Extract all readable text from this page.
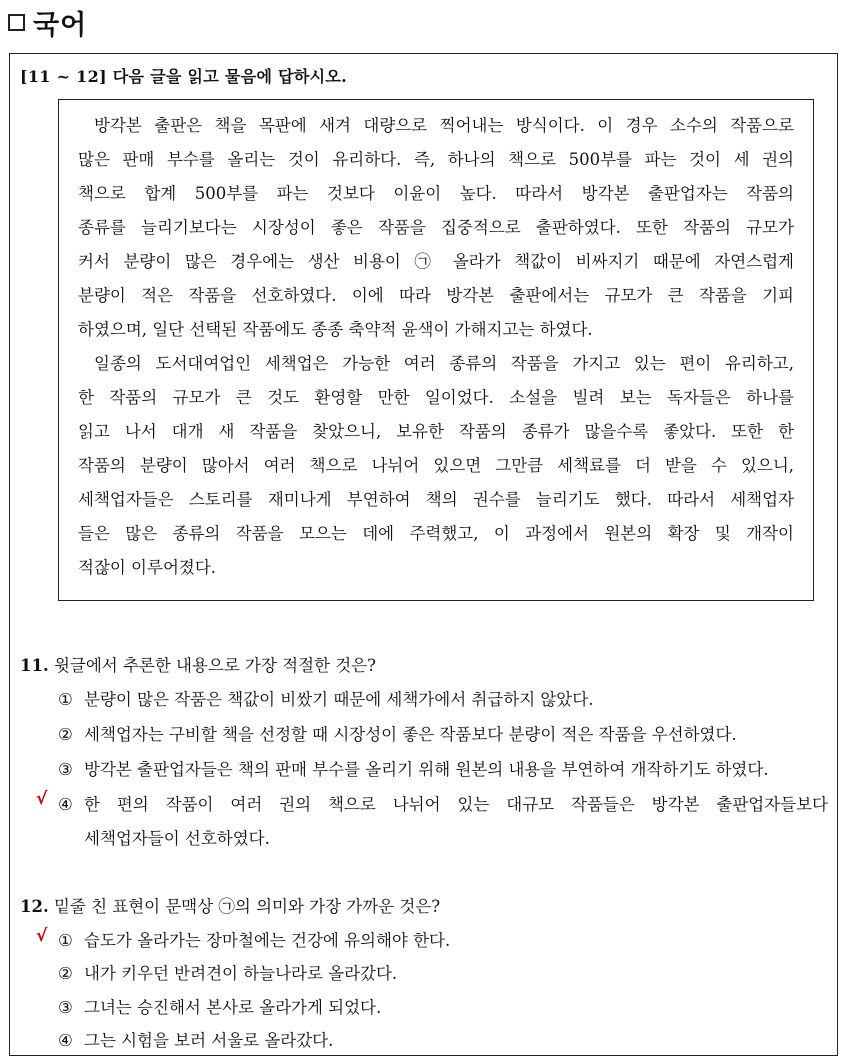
국어
[11 ~ 12] 다음 글을 읽고 물음에 답하시오.
방각본 출판은 책을 목판에 새겨 대량으로 찍어내는 방식이다. 이 경우 소수의 작품으로
많은 판매 부수를 올리는 것이 유리하다. 즉, 하나의 책으로 500부를 파는 것이 세 권의
책으로 합계 500부를 파는 것보다 이윤이 높다. 따라서 방각본 출판업자는 작품의
종류를 늘리기보다는 시장성이 좋은 작품을 집중적으로 출판하였다. 또한 작품의 규모가
커서 분량이 많은 경우에는 생산 비용이 ㉠ 올라가 책값이 비싸지기 때문에 자연스럽게
분량이 적은 작품을 선호하였다. 이에 따라 방각본 출판에서는 규모가 큰 작품을 기피
하였으며, 일단 선택된 작품에도 종종 축약적 윤색이 가해지고는 하였다.
일종의 도서대여업인 세책업은 가능한 여러 종류의 작품을 가지고 있는 편이 유리하고,
한 작품의 규모가 큰 것도 환영할 만한 일이었다. 소설을 빌려 보는 독자들은 하나를
읽고 나서 대개 새 작품을 찾았으니, 보유한 작품의 종류가 많을수록 좋았다. 또한 한
작품의 분량이 많아서 여러 책으로 나뉘어 있으면 그만큼 세책료를 더 받을 수 있으니,
세책업자들은 스토리를 재미나게 부연하여 책의 권수를 늘리기도 했다. 따라서 세책업자
들은 많은 종류의 작품을 모으는 데에 주력했고, 이 과정에서 원본의 확장 및 개작이
적잖이 이루어졌다.
11. 윗글에서 추론한 내용으로 가장 적절한 것은?
① 분량이 많은 작품은 책값이 비쌌기 때문에 세책가에서 취급하지 않았다.
② 세책업자는 구비할 책을 선정할 때 시장성이 좋은 작품보다 분량이 적은 작품을 우선하였다.
③ 방각본 출판업자들은 책의 판매 부수를 올리기 위해 원본의 내용을 부연하여 개작하기도 하였다.
√ ④ 한 편의 작품이 여러 권의 책으로 나뉘어 있는 대규모 작품들은 방각본 출판업자들보다
세책업자들이 선호하였다.
12. 밑줄 친 표현이 문맥상 ㉠의 의미와 가장 가까운 것은?
√ ① 습도가 올라가는 장마철에는 건강에 유의해야 한다.
② 내가 키우던 반려견이 하늘나라로 올라갔다.
③ 그녀는 승진해서 본사로 올라가게 되었다.
④ 그는 시험을 보러 서울로 올라갔다.
